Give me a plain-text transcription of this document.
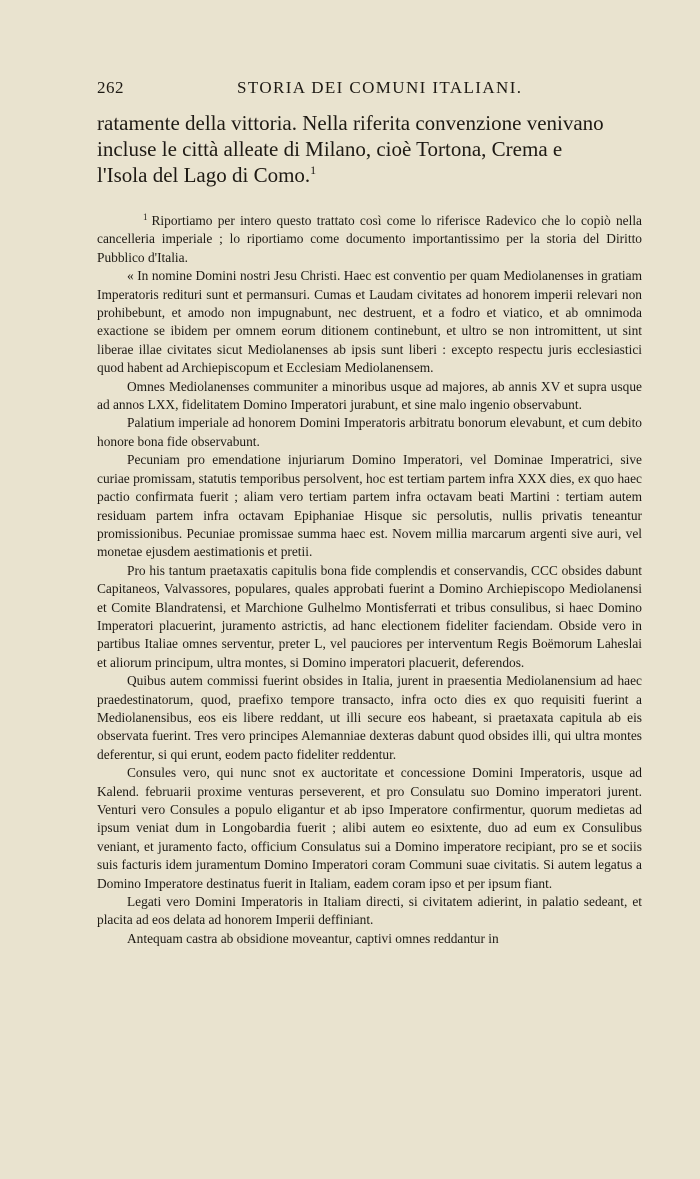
262	STORIA DEI COMUNI ITALIANI.
ratamente della vittoria. Nella riferita convenzione venivano
incluse le città alleate di Milano, cioè Tortona, Crema e
l'Isola del Lago di Como.$^1$

$^1$ Riportiamo per intero questo trattato così come lo riferisce Radevico che lo copiò nella cancelleria imperiale ; lo riportiamo come documento importantissimo per la storia del Diritto Pubblico d'Italia.

« In nomine Domini nostri Jesu Christi. Haec est conventio per quam Mediolanenses in gratiam Imperatoris redituri sunt et permansuri. Cumas et Laudam civitates ad honorem imperii relevari non prohibebunt, et amodo non impugnabunt, nec destruent, et a fodro et viatico, et ab omnimoda exactione se ibidem per omnem eorum ditionem continebunt, et ultro se non intromittent, ut sint liberae illae civitates sicut Mediolanenses ab ipsis sunt liberi : excepto respectu juris ecclesiastici quod habent ad Archiepiscopum et Ecclesiam Mediolanensem.

Omnes Mediolanenses communiter a minoribus usque ad majores, ab annis XV et supra usque ad annos LXX, fidelitatem Domino Imperatori jurabunt, et sine malo ingenio observabunt.

Palatium imperiale ad honorem Domini Imperatoris arbitratu bonorum elevabunt, et cum debito honore bona fide observabunt.

Pecuniam pro emendatione injuriarum Domino Imperatori, vel Dominae Imperatrici, sive curiae promissam, statutis temporibus persolvent, hoc est tertiam partem infra XXX dies, ex quo haec pactio confirmata fuerit ; aliam vero tertiam partem infra octavam beati Martini : tertiam autem residuam partem infra octavam Epiphaniae Hisque sic persolutis, nullis privatis teneantur promissionibus. Pecuniae promissae summa haec est. Novem millia marcarum argenti sive auri, vel monetae ejusdem aestimationis et pretii.

Pro his tantum praetaxatis capitulis bona fide complendis et conservandis, CCC obsides dabunt Capitaneos, Valvassores, populares, quales approbati fuerint a Domino Archiepiscopo Mediolanensi et Comite Blandratensi, et Marchione Gulhelmo Montisferrati et tribus consulibus, si haec Domino Imperatori placuerint, juramento astrictis, ad hanc electionem fideliter faciendam. Obside vero in partibus Italiae omnes serventur, preter L, vel pauciores per interventum Regis Boëmorum Laheslai et aliorum principum, ultra montes, si Domino imperatori placuerit, deferendos.

Quibus autem commissi fuerint obsides in Italia, jurent in praesentia Mediolanensium ad haec praedestinatorum, quod, praefixo tempore transacto, infra octo dies ex quo requisiti fuerint a Mediolanensibus, eos eis libere reddant, ut illi secure eos habeant, si praetaxata capitula ab eis observata fuerint. Tres vero principes Alemanniae dexteras dabunt quod obsides illi, qui ultra montes deferentur, si qui erunt, eodem pacto fideliter reddentur.

Consules vero, qui nunc snot ex auctoritate et concessione Domini Imperatoris, usque ad Kalend. februarii proxime venturas perseverent, et pro Consulatu suo Domino imperatori jurent. Venturi vero Consules a populo eligantur et ab ipso Imperatore confirmentur, quorum medietas ad ipsum veniat dum in Longobardia fuerit ; alibi autem eo esixtente, duo ad eum ex Consulibus veniant, et juramento facto, officium Consulatus sui a Domino imperatore recipiant, pro se et sociis suis facturis idem juramentum Domino Imperatori coram Communi suae civitatis. Si autem legatus a Domino Imperatore destinatus fuerit in Italiam, eadem coram ipso et per ipsum fiant.

Legati vero Domini Imperatoris in Italiam directi, si civitatem adierint, in palatio sedeant, et placita ad eos delata ad honorem Imperii deffiniant.

Antequam castra ab obsidione moveantur, captivi omnes reddantur in
